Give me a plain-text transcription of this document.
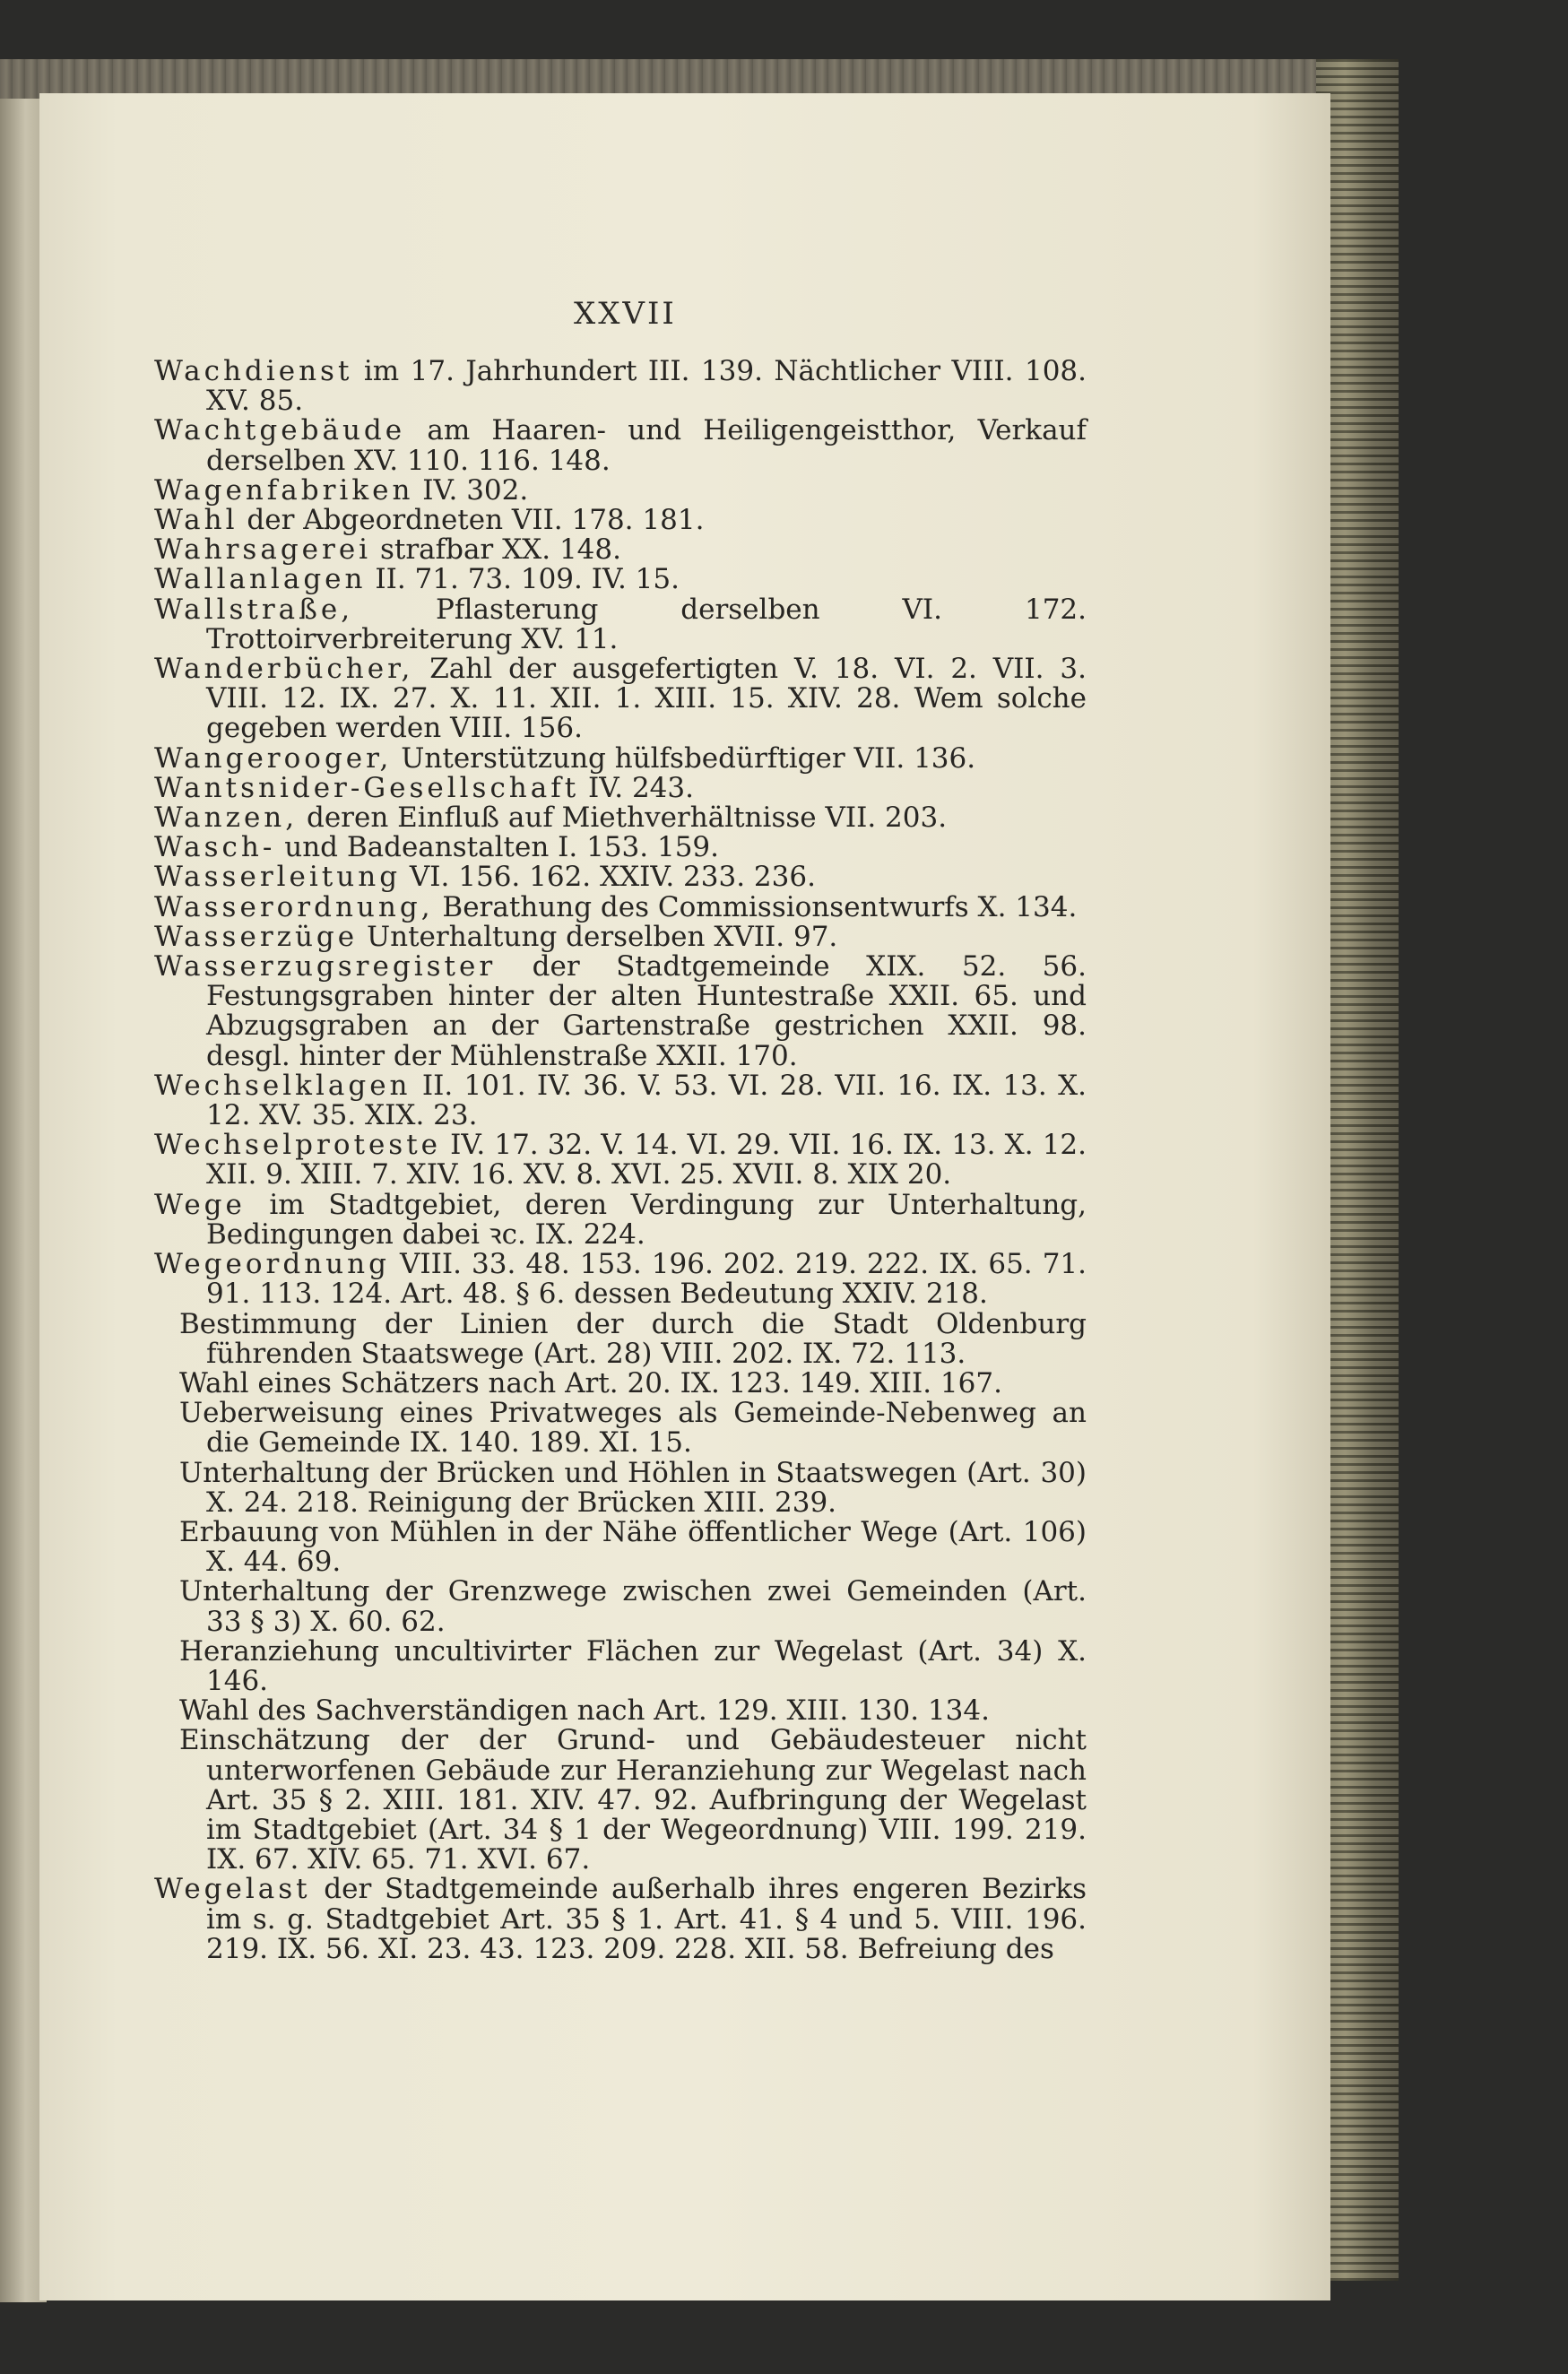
XXVII

Wachdienst im 17. Jahrhundert III. 139. Nächtlicher VIII. 108. XV. 85.

Wachtgebäude am Haaren- und Heiligengeistthor, Verkauf derselben XV. 110. 116. 148.

Wagenfabriken IV. 302.

Wahl der Abgeordneten VII. 178. 181.

Wahrsagerei strafbar XX. 148.

Wallanlagen II. 71. 73. 109. IV. 15.

Wallstraße, Pflasterung derselben VI. 172. Trottoirverbreiterung XV. 11.

Wanderbücher, Zahl der ausgefertigten V. 18. VI. 2. VII. 3. VIII. 12. IX. 27. X. 11. XII. 1. XIII. 15. XIV. 28. Wem solche gegeben werden VIII. 156.

Wangerooger, Unterstützung hülfsbedürftiger VII. 136.

Wantsnider-Gesellschaft IV. 243.

Wanzen, deren Einfluß auf Miethverhältnisse VII. 203.

Wasch- und Badeanstalten I. 153. 159.

Wasserleitung VI. 156. 162. XXIV. 233. 236.

Wasserordnung, Berathung des Commissionsentwurfs X. 134.

Wasserzüge Unterhaltung derselben XVII. 97.

Wasserzugsregister der Stadtgemeinde XIX. 52. 56. Festungsgraben hinter der alten Huntestraße XXII. 65. und Abzugsgraben an der Gartenstraße gestrichen XXII. 98. desgl. hinter der Mühlenstraße XXII. 170.

Wechselklagen II. 101. IV. 36. V. 53. VI. 28. VII. 16. IX. 13. X. 12. XV. 35. XIX. 23.

Wechselproteste IV. 17. 32. V. 14. VI. 29. VII. 16. IX. 13. X. 12. XII. 9. XIII. 7. XIV. 16. XV. 8. XVI. 25. XVII. 8. XIX 20.

Wege im Stadtgebiet, deren Verdingung zur Unterhaltung, Bedingungen dabei ꝛc. IX. 224.

Wegeordnung VIII. 33. 48. 153. 196. 202. 219. 222. IX. 65. 71. 91. 113. 124. Art. 48. § 6. dessen Bedeutung XXIV. 218.

Bestimmung der Linien der durch die Stadt Oldenburg führenden Staatswege (Art. 28) VIII. 202. IX. 72. 113.

Wahl eines Schätzers nach Art. 20. IX. 123. 149. XIII. 167.

Ueberweisung eines Privatweges als Gemeinde-Nebenweg an die Gemeinde IX. 140. 189. XI. 15.

Unterhaltung der Brücken und Höhlen in Staatswegen (Art. 30) X. 24. 218. Reinigung der Brücken XIII. 239.

Erbauung von Mühlen in der Nähe öffentlicher Wege (Art. 106) X. 44. 69.

Unterhaltung der Grenzwege zwischen zwei Gemeinden (Art. 33 § 3) X. 60. 62.

Heranziehung uncultivirter Flächen zur Wegelast (Art. 34) X. 146.

Wahl des Sachverständigen nach Art. 129. XIII. 130. 134.

Einschätzung der der Grund- und Gebäudesteuer nicht unterworfenen Gebäude zur Heranziehung zur Wegelast nach Art. 35 § 2. XIII. 181. XIV. 47. 92. Aufbringung der Wegelast im Stadtgebiet (Art. 34 § 1 der Wegeordnung) VIII. 199. 219. IX. 67. XIV. 65. 71. XVI. 67.

Wegelast der Stadtgemeinde außerhalb ihres engeren Bezirks im s. g. Stadtgebiet Art. 35 § 1. Art. 41. § 4 und 5. VIII. 196. 219. IX. 56. XI. 23. 43. 123. 209. 228. XII. 58. Befreiung des
